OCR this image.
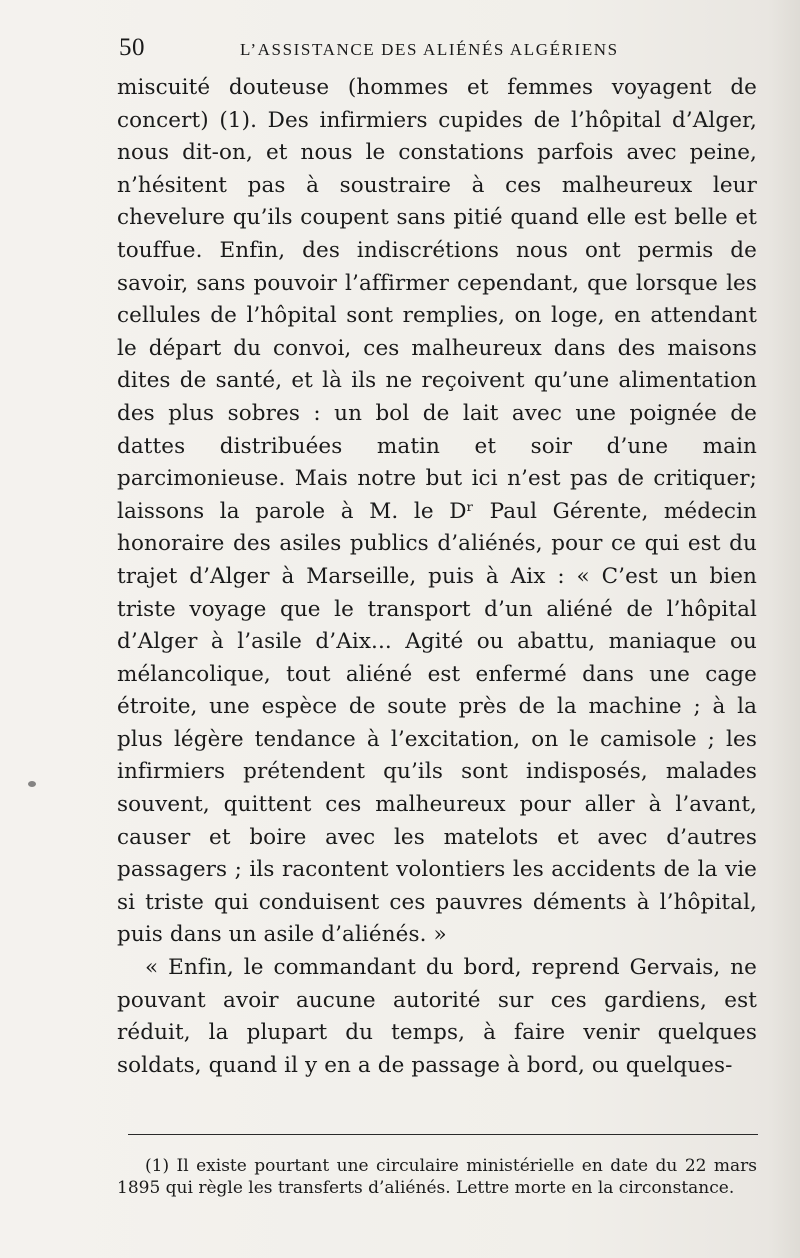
50	L’ASSISTANCE DES ALIÉNÉS ALGÉRIENS

miscuité douteuse (hommes et femmes voyagent de concert) (1). Des infirmiers cupides de l’hôpital d’Alger, nous dit-on, et nous le constations parfois avec peine, n’hésitent pas à soustraire à ces malheureux leur chevelure qu’ils coupent sans pitié quand elle est belle et touffue. Enfin, des indiscrétions nous ont permis de savoir, sans pouvoir l’affirmer cependant, que lorsque les cellules de l’hôpital sont remplies, on loge, en attendant le départ du convoi, ces malheureux dans des maisons dites de santé, et là ils ne reçoivent qu’une alimentation des plus sobres : un bol de lait avec une poignée de dattes distribuées matin et soir d’une main parcimonieuse. Mais notre but ici n’est pas de critiquer; laissons la parole à M. le Dʳ Paul Gérente, médecin honoraire des asiles publics d’aliénés, pour ce qui est du trajet d’Alger à Marseille, puis à Aix : « C’est un bien triste voyage que le transport d’un aliéné de l’hôpital d’Alger à l’asile d’Aix... Agité ou abattu, maniaque ou mélancolique, tout aliéné est enfermé dans une cage étroite, une espèce de soute près de la machine ; à la plus légère tendance à l’excitation, on le camisole ; les infirmiers prétendent qu’ils sont indisposés, malades souvent, quittent ces malheureux pour aller à l’avant, causer et boire avec les matelots et avec d’autres passagers ; ils racontent volontiers les accidents de la vie si triste qui conduisent ces pauvres déments à l’hôpital, puis dans un asile d’aliénés. »

« Enfin, le commandant du bord, reprend Gervais, ne pouvant avoir aucune autorité sur ces gardiens, est réduit, la plupart du temps, à faire venir quelques soldats, quand il y en a de passage à bord, ou quelques-

(1) Il existe pourtant une circulaire ministérielle en date du 22 mars 1895 qui règle les transferts d’aliénés. Lettre morte en la circonstance.
